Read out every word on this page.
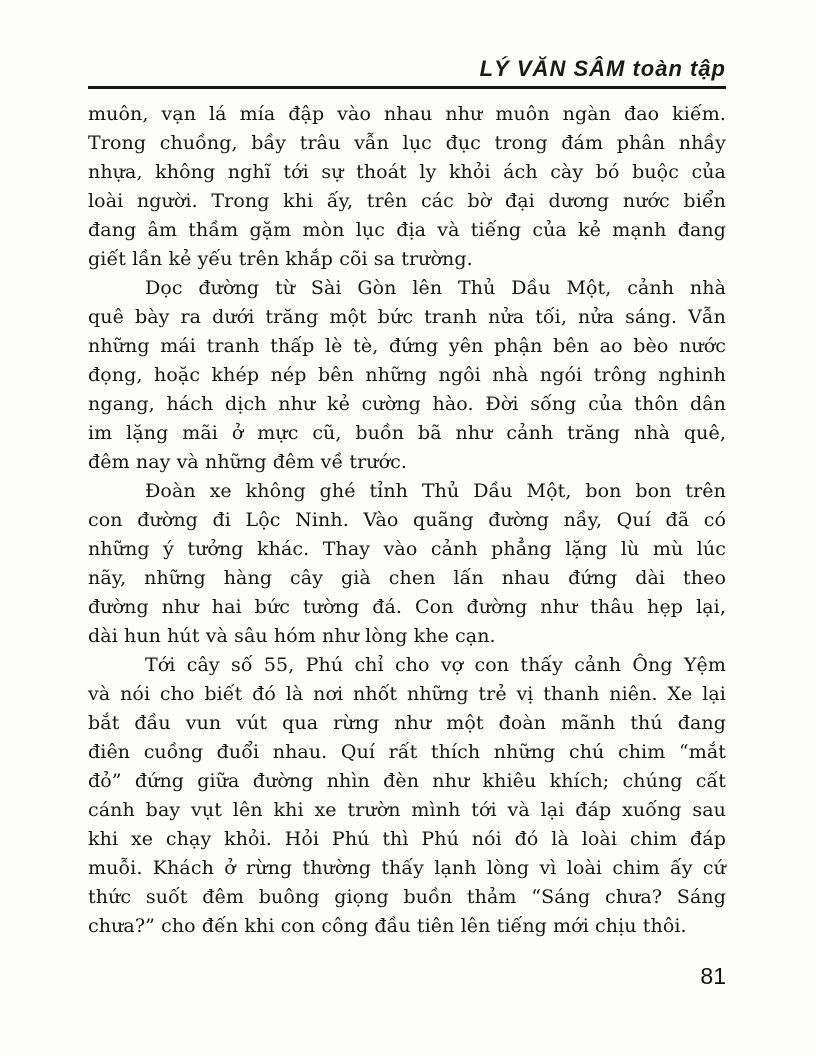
LÝ VĂN SÂM toàn tập
muôn, vạn lá mía đập vào nhau như muôn ngàn đao kiếm.
Trong chuồng, bầy trâu vẫn lục đục trong đám phân nhầy
nhựa, không nghĩ tới sự thoát ly khỏi ách cày bó buộc của
loài người. Trong khi ấy, trên các bờ đại dương nước biển
đang âm thầm gặm mòn lục địa và tiếng của kẻ mạnh đang
giết lần kẻ yếu trên khắp cõi sa trường.
Dọc đường từ Sài Gòn lên Thủ Dầu Một, cảnh nhà
quê bày ra dưới trăng một bức tranh nửa tối, nửa sáng. Vẫn
những mái tranh thấp lè tè, đứng yên phận bên ao bèo nước
đọng, hoặc khép nép bên những ngôi nhà ngói trông nghinh
ngang, hách dịch như kẻ cường hào. Đời sống của thôn dân
im lặng mãi ở mực cũ, buồn bã như cảnh trăng nhà quê,
đêm nay và những đêm về trước.
Đoàn xe không ghé tỉnh Thủ Dầu Một, bon bon trên
con đường đi Lộc Ninh. Vào quãng đường nầy, Quí đã có
những ý tưởng khác. Thay vào cảnh phẳng lặng lù mù lúc
nãy, những hàng cây già chen lấn nhau đứng dài theo
đường như hai bức tường đá. Con đường như thâu hẹp lại,
dài hun hút và sâu hóm như lòng khe cạn.
Tới cây số 55, Phú chỉ cho vợ con thấy cảnh Ông Yệm
và nói cho biết đó là nơi nhốt những trẻ vị thanh niên. Xe lại
bắt đầu vun vút qua rừng như một đoàn mãnh thú đang
điên cuồng đuổi nhau. Quí rất thích những chú chim “mắt
đỏ” đứng giữa đường nhìn đèn như khiêu khích; chúng cất
cánh bay vụt lên khi xe trườn mình tới và lại đáp xuống sau
khi xe chạy khỏi. Hỏi Phú thì Phú nói đó là loài chim đáp
muỗi. Khách ở rừng thường thấy lạnh lòng vì loài chim ấy cứ
thức suốt đêm buông giọng buồn thảm “Sáng chưa? Sáng
chưa?” cho đến khi con công đầu tiên lên tiếng mới chịu thôi.
81
